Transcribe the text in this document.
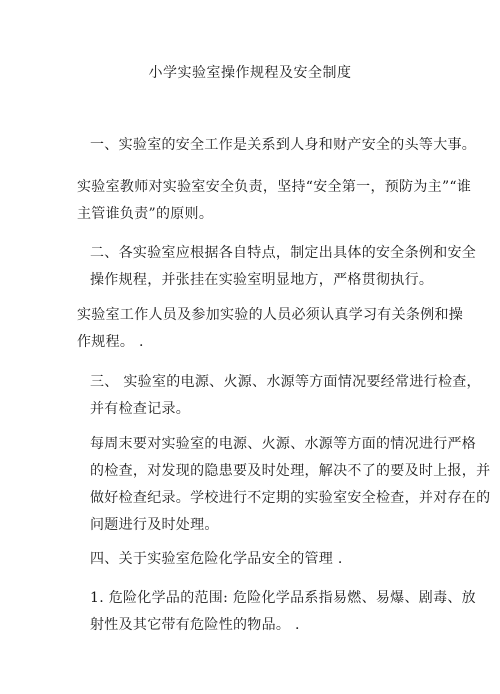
小学实验室操作规程及安全制度
一、实验室的安全工作是关系到人身和财产安全的头等大事。
实验室教师对实验室安全负责，坚持“安全第一，预防为主”“谁
主管谁负责”的原则。
二、各实验室应根据各自特点，制定出具体的安全条例和安全
操作规程，并张挂在实验室明显地方，严格贯彻执行。
实验室工作人员及参加实验的人员必须认真学习有关条例和操
作规程。 .
三、 实验室的电源、火源、水源等方面情况要经常进行检查，
并有检查记录。
每周末要对实验室的电源、火源、水源等方面的情况进行严格
的检查，对发现的隐患要及时处理，解决不了的要及时上报，并
做好检查纪录。学校进行不定期的实验室安全检查，并对存在的
问题进行及时处理。
四、关于实验室危险化学品安全的管理 .
1. 危险化学品的范围: 危险化学品系指易燃、易爆、剧毒、放
射性及其它带有危险性的物品。 .
